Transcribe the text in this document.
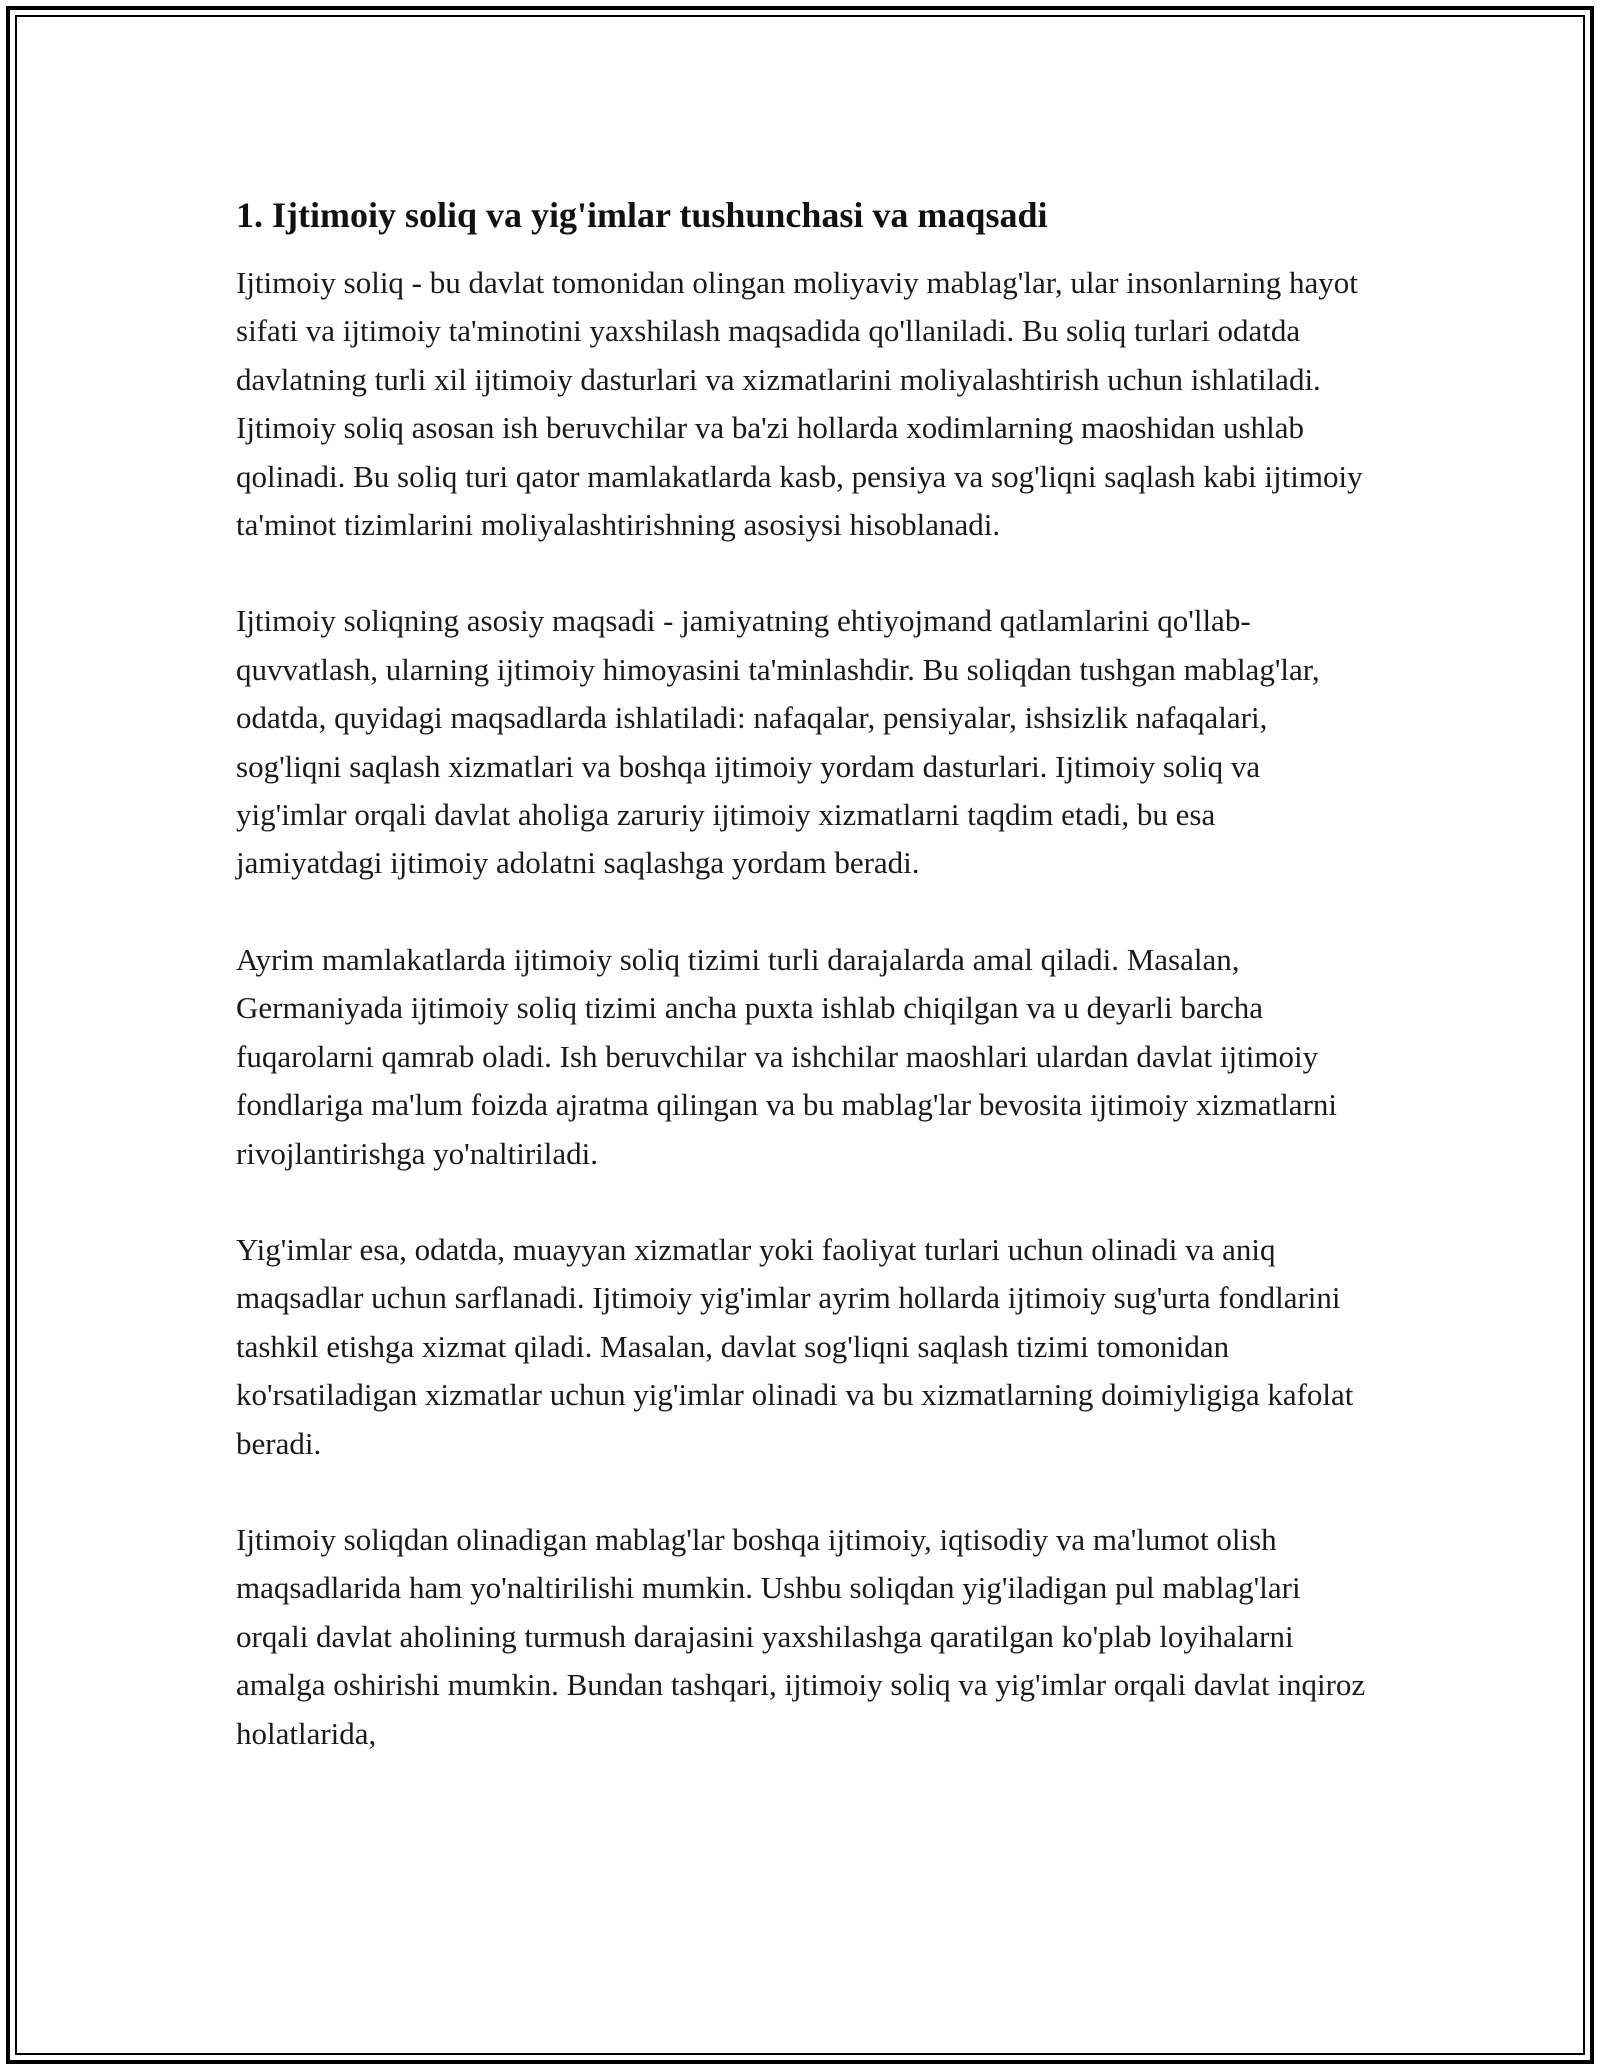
1. Ijtimoiy soliq va yig'imlar tushunchasi va maqsadi

Ijtimoiy soliq - bu davlat tomonidan olingan moliyaviy mablag'lar, ular insonlarning hayot sifati va ijtimoiy ta'minotini yaxshilash maqsadida qo'llaniladi. Bu soliq turlari odatda davlatning turli xil ijtimoiy dasturlari va xizmatlarini moliyalashtirish uchun ishlatiladi. Ijtimoiy soliq asosan ish beruvchilar va ba'zi hollarda xodimlarning maoshidan ushlab qolinadi. Bu soliq turi qator mamlakatlarda kasb, pensiya va sog'liqni saqlash kabi ijtimoiy ta'minot tizimlarini moliyalashtirishning asosiysi hisoblanadi.

Ijtimoiy soliqning asosiy maqsadi - jamiyatning ehtiyojmand qatlamlarini qo'llab-quvvatlash, ularning ijtimoiy himoyasini ta'minlashdir. Bu soliqdan tushgan mablag'lar, odatda, quyidagi maqsadlarda ishlatiladi: nafaqalar, pensiyalar, ishsizlik nafaqalari, sog'liqni saqlash xizmatlari va boshqa ijtimoiy yordam dasturlari. Ijtimoiy soliq va yig'imlar orqali davlat aholiga zaruriy ijtimoiy xizmatlarni taqdim etadi, bu esa jamiyatdagi ijtimoiy adolatni saqlashga yordam beradi.

Ayrim mamlakatlarda ijtimoiy soliq tizimi turli darajalarda amal qiladi. Masalan, Germaniyada ijtimoiy soliq tizimi ancha puxta ishlab chiqilgan va u deyarli barcha fuqarolarni qamrab oladi. Ish beruvchilar va ishchilar maoshlari ulardan davlat ijtimoiy fondlariga ma'lum foizda ajratma qilingan va bu mablag'lar bevosita ijtimoiy xizmatlarni rivojlantirishga yo'naltiriladi.

Yig'imlar esa, odatda, muayyan xizmatlar yoki faoliyat turlari uchun olinadi va aniq maqsadlar uchun sarflanadi. Ijtimoiy yig'imlar ayrim hollarda ijtimoiy sug'urta fondlarini tashkil etishga xizmat qiladi. Masalan, davlat sog'liqni saqlash tizimi tomonidan ko'rsatiladigan xizmatlar uchun yig'imlar olinadi va bu xizmatlarning doimiyligiga kafolat beradi.

Ijtimoiy soliqdan olinadigan mablag'lar boshqa ijtimoiy, iqtisodiy va ma'lumot olish maqsadlarida ham yo'naltirilishi mumkin. Ushbu soliqdan yig'iladigan pul mablag'lari orqali davlat aholining turmush darajasini yaxshilashga qaratilgan ko'plab loyihalarni amalga oshirishi mumkin. Bundan tashqari, ijtimoiy soliq va yig'imlar orqali davlat inqiroz holatlarida,
